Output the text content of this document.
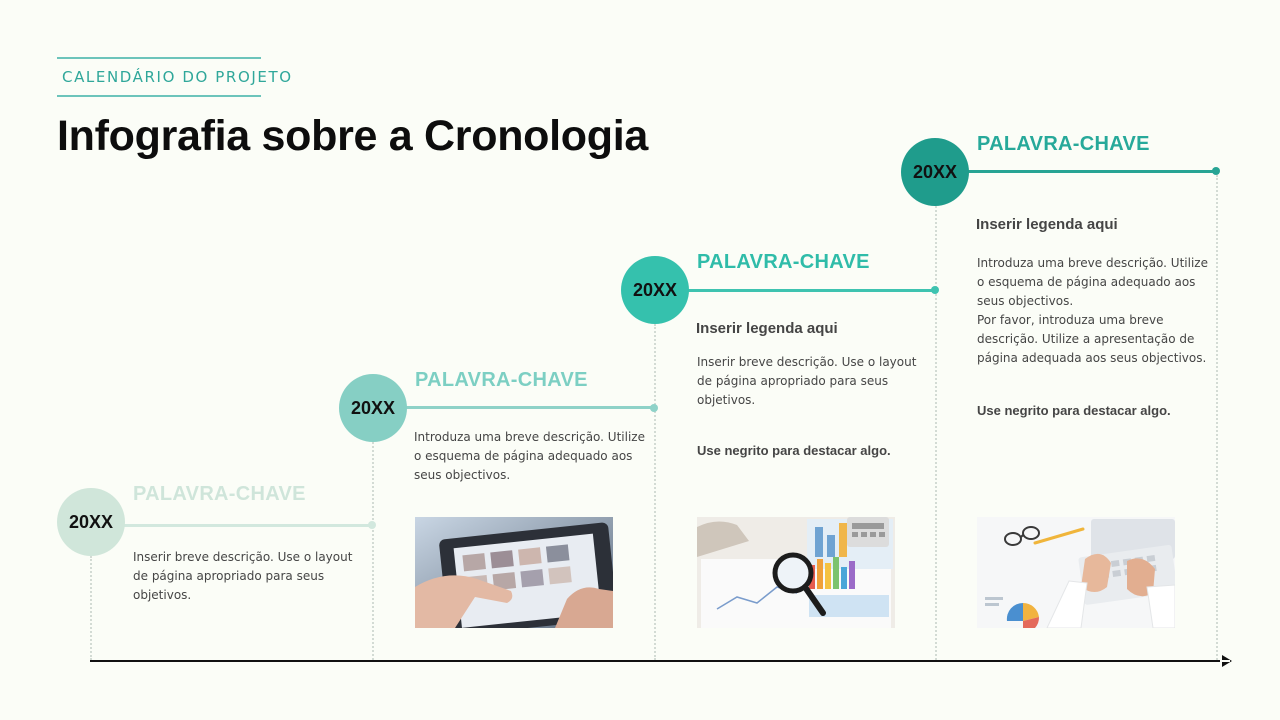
CALENDÁRIO DO PROJETO
Infografia sobre a Cronologia
20XX
PALAVRA-CHAVE
Inserir breve descrição. Use o layout
de página apropriado para seus
objetivos.
20XX
PALAVRA-CHAVE
Introduza uma breve descrição. Utilize
o esquema de página adequado aos
seus objectivos.
20XX
PALAVRA-CHAVE
Inserir legenda aqui
Inserir breve descrição. Use o layout
de página apropriado para seus
objetivos.
Use negrito para destacar algo.
20XX
PALAVRA-CHAVE
Inserir legenda aqui
Introduza uma breve descrição. Utilize
o esquema de página adequado aos
seus objectivos.
Por favor, introduza uma breve
descrição. Utilize a apresentação de
página adequada aos seus objectivos.
Use negrito para destacar algo.
